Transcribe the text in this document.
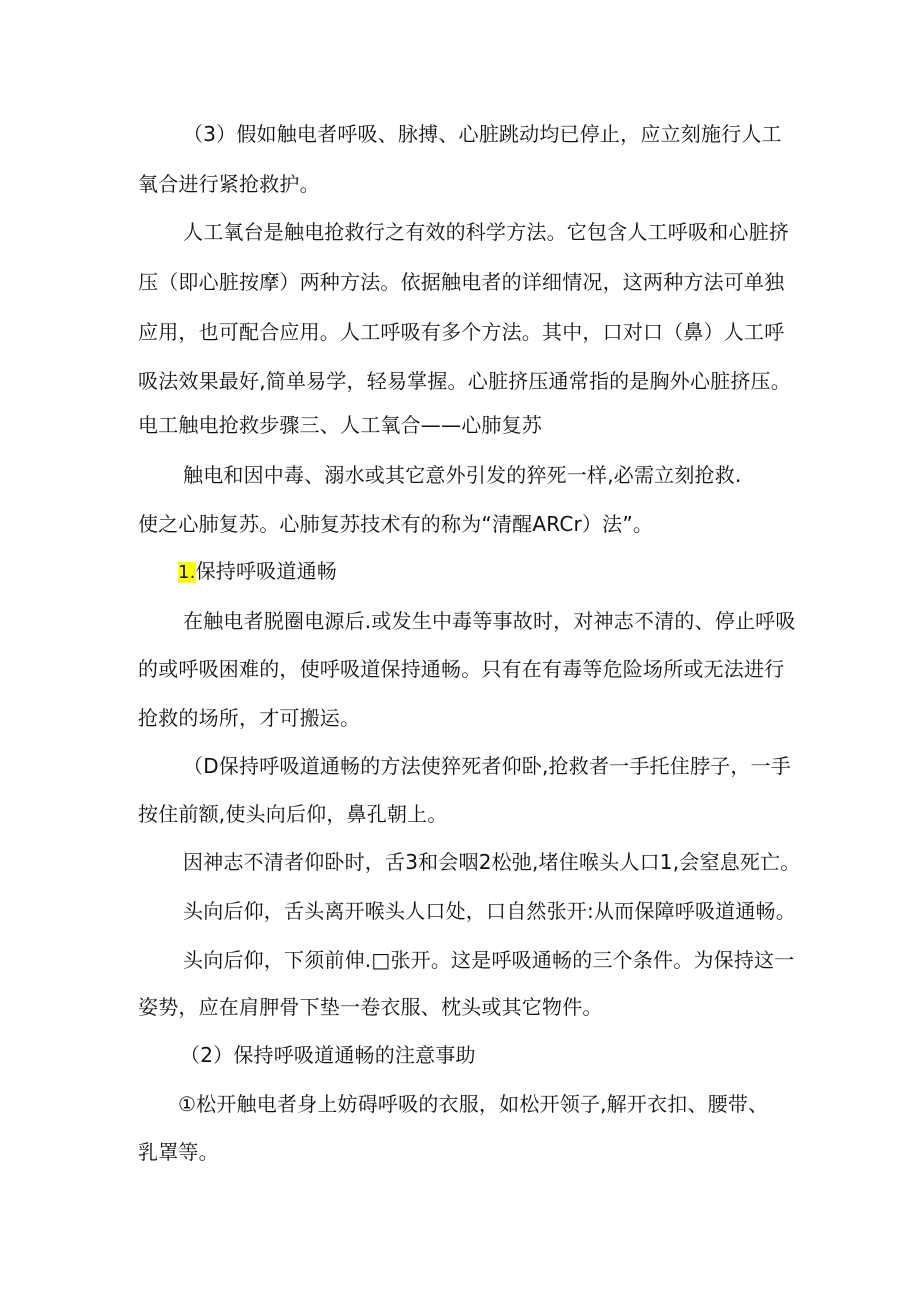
（3）假如触电者呼吸、脉搏、心脏跳动均已停止，应立刻施行人工
氧合进行紧抢救护。
人工氧台是触电抢救行之有效的科学方法。它包含人工呼吸和心脏挤
压（即心脏按摩）两种方法。依据触电者的详细情况，这两种方法可单独
应用，也可配合应用。人工呼吸有多个方法。其中，口对口（鼻）人工呼
吸法效果最好,简单易学，轻易掌握。心脏挤压通常指的是胸外心脏挤压。
电工触电抢救步骤三、人工氧合——心肺复苏
触电和因中毒、溺水或其它意外引发的猝死一样,必需立刻抢救.
使之心肺复苏。心肺复苏技术有的称为“清醒ARCr）法”。
1.保持呼吸道通畅
在触电者脱圈电源后.或发生中毒等事故时，对神志不清的、停止呼吸
的或呼吸困难的，使呼吸道保持通畅。只有在有毒等危险场所或无法进行
抢救的场所，才可搬运。
（D保持呼吸道通畅的方法使猝死者仰卧,抢救者一手托住脖子，一手
按住前额,使头向后仰，鼻孔朝上。
因神志不清者仰卧时，舌3和会咽2松弛,堵住喉头人口1,会窒息死亡。
头向后仰，舌头离开喉头人口处，口自然张开:从而保障呼吸道通畅。
头向后仰，下须前伸.□张开。这是呼吸通畅的三个条件。为保持这一
姿势，应在肩胛骨下垫一卷衣服、枕头或其它物件。
（2）保持呼吸道通畅的注意事助
①松开触电者身上妨碍呼吸的衣服，如松开领子,解开衣扣、腰带、
乳罩等。
